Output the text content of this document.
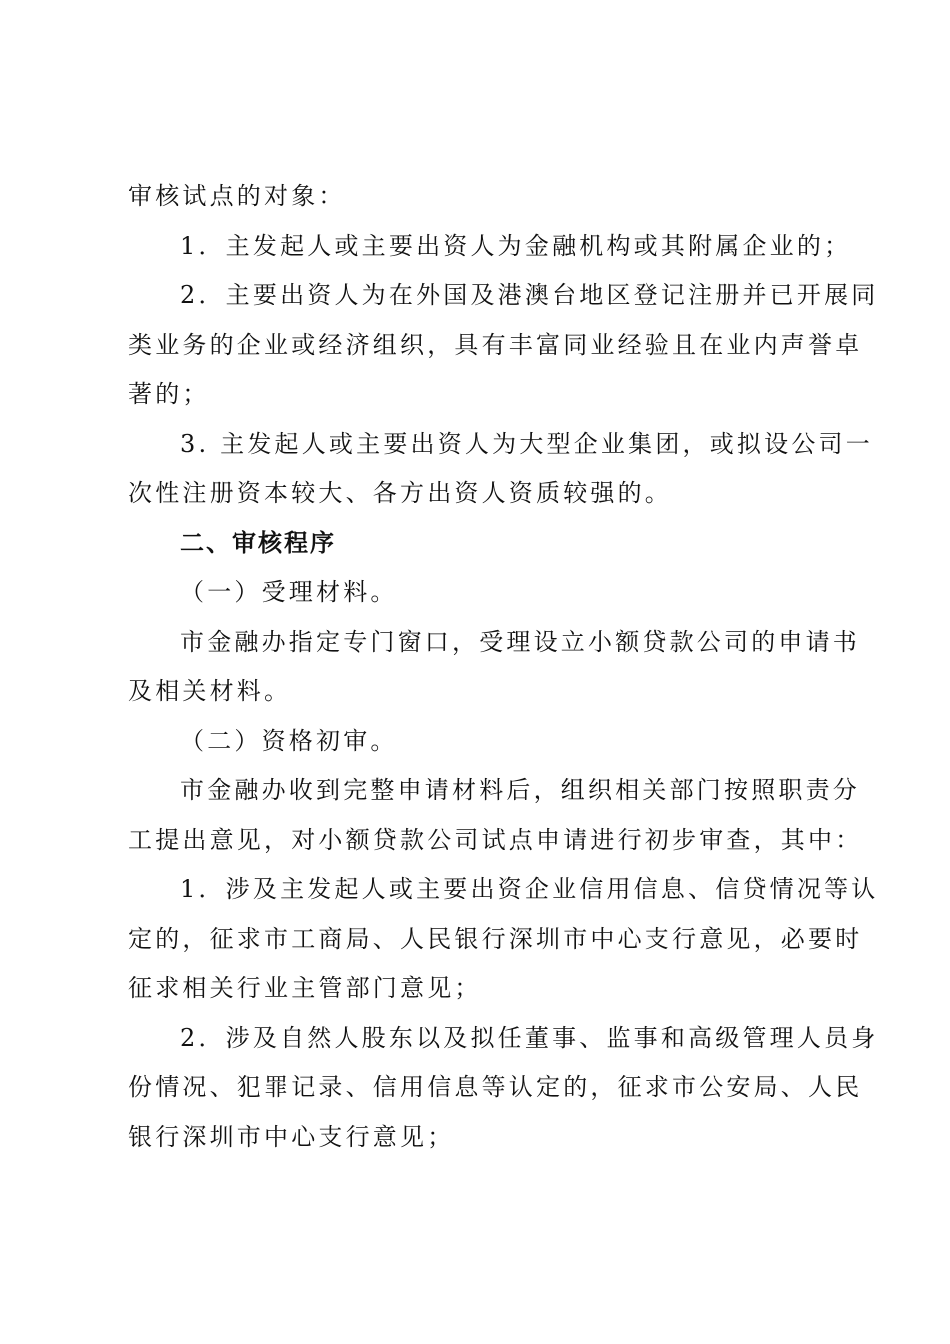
审核试点的对象：
1．主发起人或主要出资人为金融机构或其附属企业的；
2．主要出资人为在外国及港澳台地区登记注册并已开展同
类业务的企业或经济组织，具有丰富同业经验且在业内声誉卓
著的；
3. 主发起人或主要出资人为大型企业集团，或拟设公司一
次性注册资本较大、各方出资人资质较强的。
二、审核程序
（一）受理材料。
市金融办指定专门窗口，受理设立小额贷款公司的申请书
及相关材料。
（二）资格初审。
市金融办收到完整申请材料后，组织相关部门按照职责分
工提出意见，对小额贷款公司试点申请进行初步审查，其中：
1．涉及主发起人或主要出资企业信用信息、信贷情况等认
定的，征求市工商局、人民银行深圳市中心支行意见，必要时
征求相关行业主管部门意见；
2．涉及自然人股东以及拟任董事、监事和高级管理人员身
份情况、犯罪记录、信用信息等认定的，征求市公安局、人民
银行深圳市中心支行意见；
